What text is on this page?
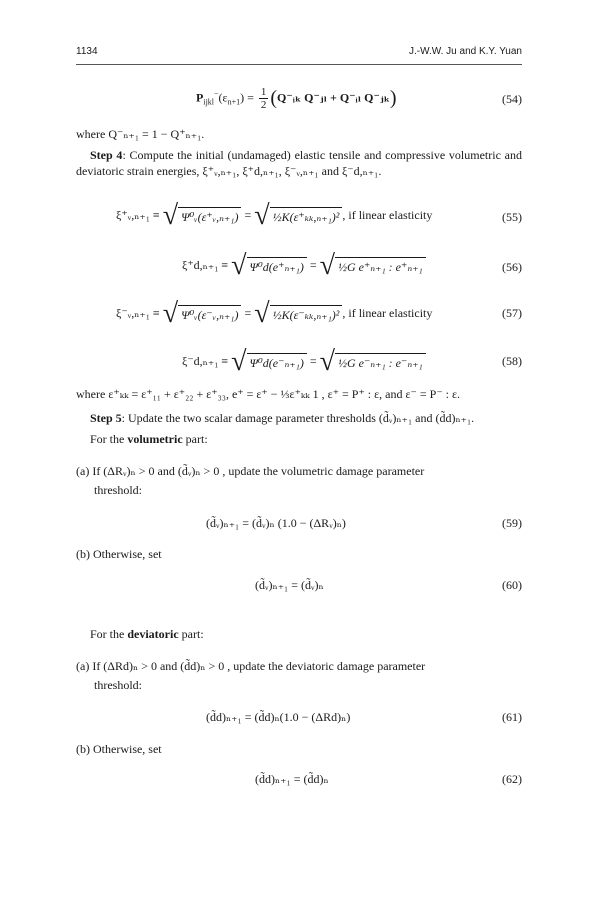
1134	J.-W.W. Ju and K.Y. Yuan
$P_{ijkl}^-(\varepsilon_{n+1}) = \frac{1}{2}$ (Q⁻ᵢₖ Q⁻ⱼₗ + Q⁻ᵢₗ Q⁻ⱼₖ)	(54)
where Q⁻ₙ₊₁ = 1 − Q⁺ₙ₊₁.
Step 4: Compute the initial (undamaged) elastic tensile and compressive volumetric and deviatoric strain energies, ξ⁺ᵥ,ₙ₊₁, ξ⁺d,ₙ₊₁, ξ⁻ᵥ,ₙ₊₁ and ξ⁻d,ₙ₊₁.
ξ⁺ᵥ,ₙ₊₁ ≡ √ Ψ⁰ᵥ(ε⁺ᵥ,ₙ₊₁) = √ ½K(ε⁺ₖₖ,ₙ₊₁)² , if linear elasticity	(55)
ξ⁺d,ₙ₊₁ ≡ √ Ψ⁰d(e⁺ₙ₊₁) = √ ½G e⁺ₙ₊₁ : e⁺ₙ₊₁	(56)
ξ⁻ᵥ,ₙ₊₁ ≡ √ Ψ⁰ᵥ(ε⁻ᵥ,ₙ₊₁) = √ ½K(ε⁻ₖₖ,ₙ₊₁)² , if linear elasticity	(57)
ξ⁻d,ₙ₊₁ ≡ √ Ψ⁰d(e⁻ₙ₊₁) = √ ½G e⁻ₙ₊₁ : e⁻ₙ₊₁	(58)
where ε⁺ₖₖ = ε⁺₁₁ + ε⁺₂₂ + ε⁺₃₃, e⁺ = ε⁺ − ⅓ε⁺ₖₖ 1 , ε⁺ = P⁺ : ε, and ε⁻ = P⁻ : ε.
Step 5: Update the two scalar damage parameter thresholds (d̃ᵥ)ₙ₊₁ and (d̃d)ₙ₊₁.
For the volumetric part:
(a) If (ΔRᵥ)ₙ > 0 and (d̃ᵥ)ₙ > 0 , update the volumetric damage parameter
threshold:
(d̃ᵥ)ₙ₊₁ = (d̃ᵥ)ₙ (1.0 − (ΔRᵥ)ₙ)	(59)
(b) Otherwise, set
(d̃ᵥ)ₙ₊₁ = (d̃ᵥ)ₙ	(60)
For the deviatoric part:
(a) If (ΔRd)ₙ > 0 and (d̃d)ₙ > 0 , update the deviatoric damage parameter
threshold:
(d̃d)ₙ₊₁ = (d̃d)ₙ(1.0 − (ΔRd)ₙ)	(61)
(b) Otherwise, set
(d̃d)ₙ₊₁ = (d̃d)ₙ	(62)
